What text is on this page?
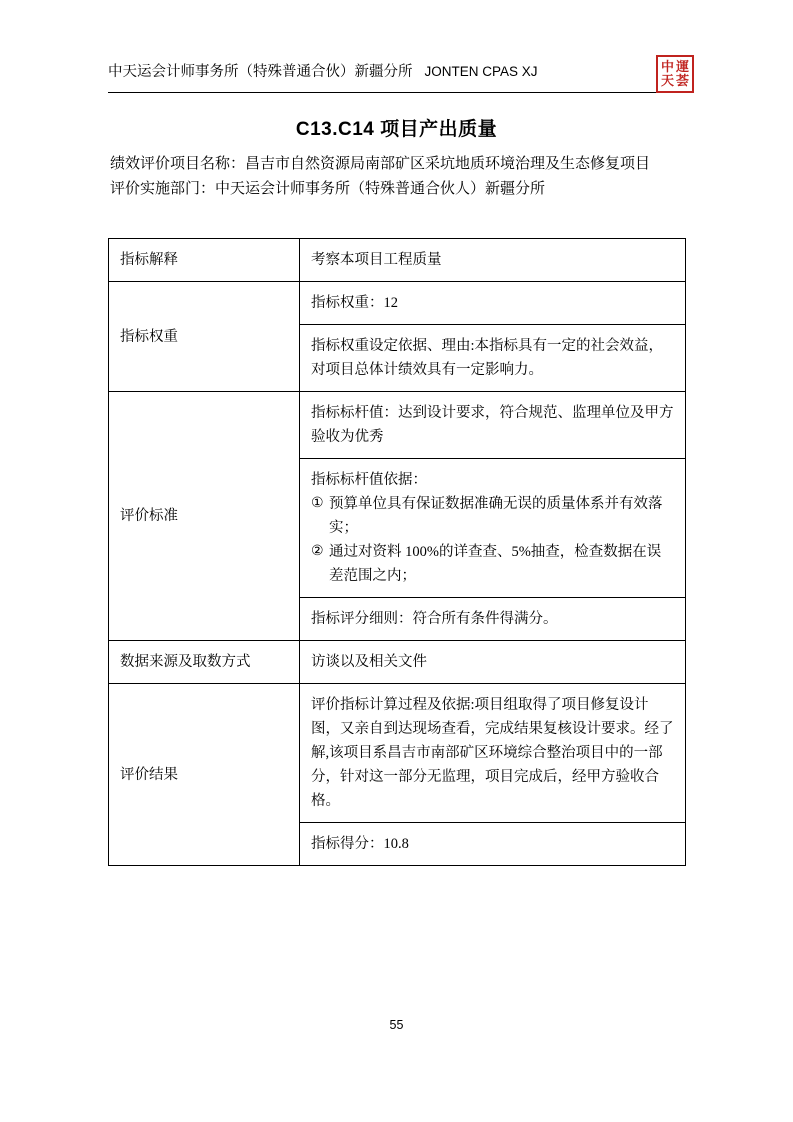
中天运会计师事务所（特殊普通合伙）新疆分所 JONTEN CPAS XJ	中 運
天 荟
C13.C14 项目产出质量
绩效评价项目名称：昌吉市自然资源局南部矿区采坑地质环境治理及生态修复项目
评价实施部门：中天运会计师事务所（特殊普通合伙人）新疆分所
指标解释	考察本项目工程质量
指标权重	指标权重：12
	指标权重设定依据、理由:本指标具有一定的社会效益，对项目总体计绩效具有一定影响力。
评价标准	指标标杆值：达到设计要求，符合规范、监理单位及甲方验收为优秀

	指标标杆值依据：
① 预算单位具有保证数据准确无误的质量体系并有效落实；
② 通过对资料 100%的详查查、5%抽查，检查数据在误差范围之内；

	指标评分细则：符合所有条件得满分。
数据来源及取数方式	访谈以及相关文件
评价结果	评价指标计算过程及依据:项目组取得了项目修复设计图，又亲自到达现场查看，完成结果复核设计要求。经了解,该项目系昌吉市南部矿区环境综合整治项目中的一部分，针对这一部分无监理，项目完成后，经甲方验收合格。
	指标得分：10.8
55
